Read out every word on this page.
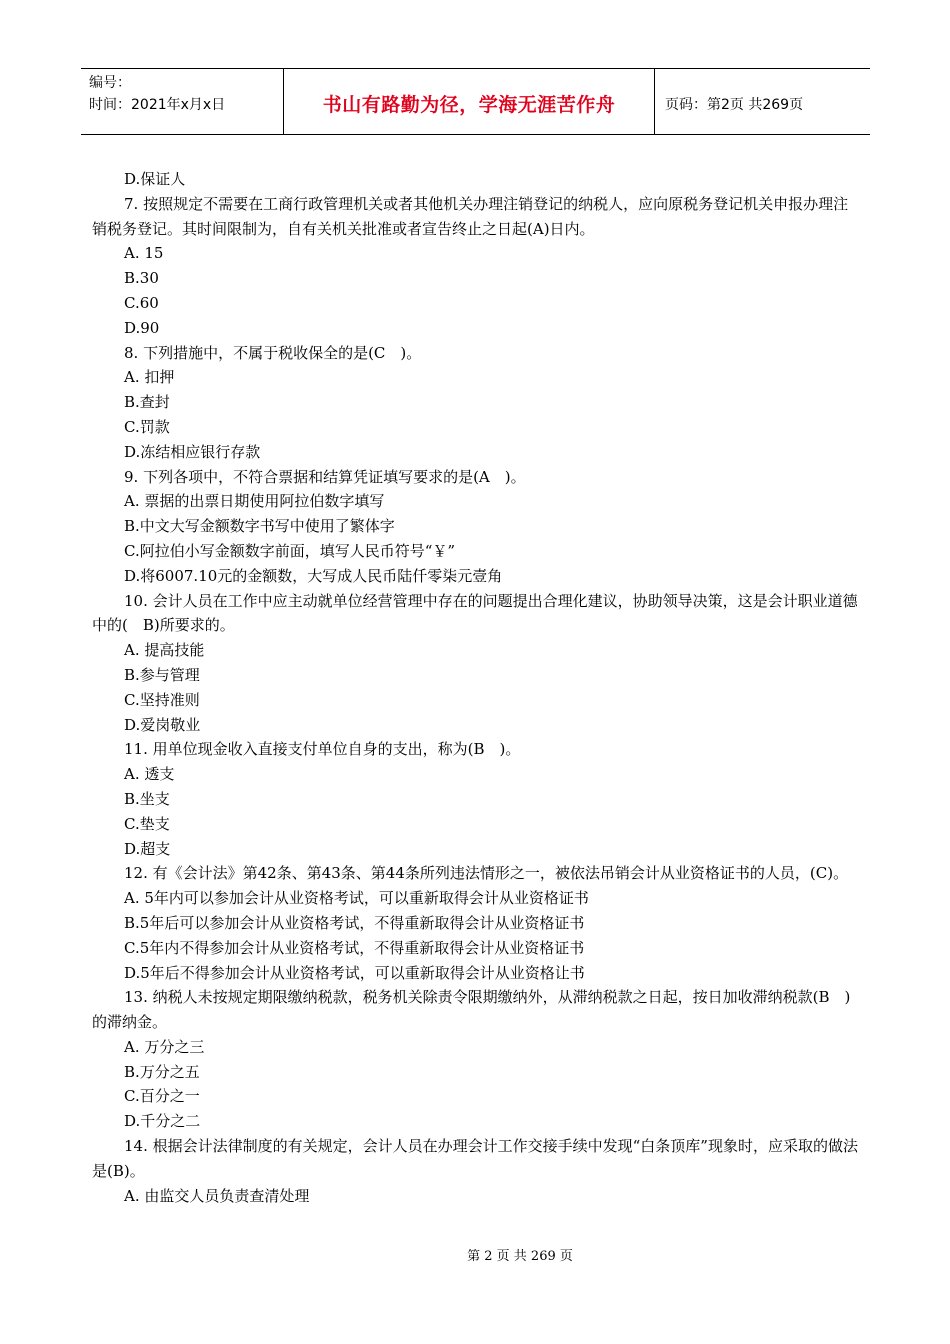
编号：
时间：2021年x月x日	书山有路勤为径，学海无涯苦作舟	页码：第2页 共269页

D.保证人

7. 按照规定不需要在工商行政管理机关或者其他机关办理注销登记的纳税人，应向原税务登记机关申报办理注销税务登记。其时间限制为，自有关机关批准或者宣告终止之日起(A)日内。

A. 15

B.30

C.60

D.90

8. 下列措施中，不属于税收保全的是(C　)。

A. 扣押

B.查封

C.罚款

D.冻结相应银行存款

9. 下列各项中，不符合票据和结算凭证填写要求的是(A　)。

A. 票据的出票日期使用阿拉伯数字填写

B.中文大写金额数字书写中使用了繁体字

C.阿拉伯小写金额数字前面，填写人民币符号“￥”

D.将6007.10元的金额数，大写成人民币陆仟零柒元壹角

10. 会计人员在工作中应主动就单位经营管理中存在的问题提出合理化建议，协助领导决策，这是会计职业道德中的(　B)所要求的。

A. 提高技能

B.参与管理

C.坚持准则

D.爱岗敬业

11. 用单位现金收入直接支付单位自身的支出，称为(B　)。

A. 透支

B.坐支

C.垫支

D.超支

12. 有《会计法》第42条、第43条、第44条所列违法情形之一，被依法吊销会计从业资格证书的人员，(C)。

A. 5年内可以参加会计从业资格考试，可以重新取得会计从业资格证书

B.5年后可以参加会计从业资格考试，不得重新取得会计从业资格证书

C.5年内不得参加会计从业资格考试，不得重新取得会计从业资格证书

D.5年后不得参加会计从业资格考试，可以重新取得会计从业资格让书

13. 纳税人未按规定期限缴纳税款，税务机关除责令限期缴纳外，从滞纳税款之日起，按日加收滞纳税款(B　)的滞纳金。

A. 万分之三

B.万分之五

C.百分之一

D.千分之二

14. 根据会计法律制度的有关规定，会计人员在办理会计工作交接手续中发现“白条顶库”现象时，应采取的做法是(B)。

A. 由监交人员负责查清处理

第 2 页 共 269 页
